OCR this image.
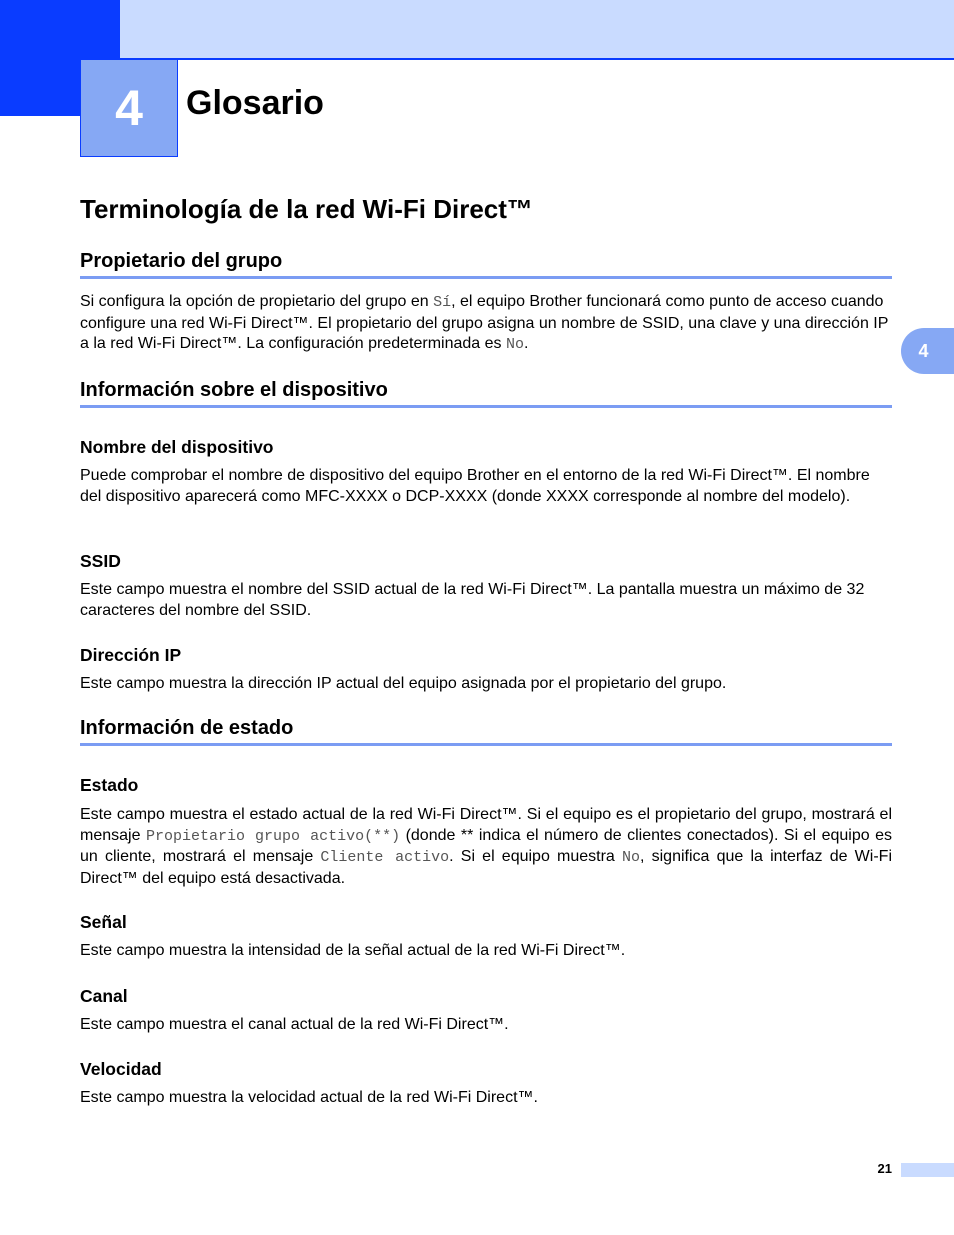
4 Glosario
4
Terminología de la red Wi-Fi Direct™
Propietario del grupo

Si configura la opción de propietario del grupo en Sí, el equipo Brother funcionará como punto de acceso cuando configure una red Wi-Fi Direct™. El propietario del grupo asigna un nombre de SSID, una clave y una dirección IP a la red Wi-Fi Direct™. La configuración predeterminada es No.

Información sobre el dispositivo
Nombre del dispositivo

Puede comprobar el nombre de dispositivo del equipo Brother en el entorno de la red Wi-Fi Direct™. El nombre del dispositivo aparecerá como MFC-XXXX o DCP-XXXX (donde XXXX corresponde al nombre del modelo).

SSID

Este campo muestra el nombre del SSID actual de la red Wi-Fi Direct™. La pantalla muestra un máximo de 32 caracteres del nombre del SSID.

Dirección IP

Este campo muestra la dirección IP actual del equipo asignada por el propietario del grupo.

Información de estado
Estado

Este campo muestra el estado actual de la red Wi-Fi Direct™. Si el equipo es el propietario del grupo, mostrará el mensaje Propietario grupo activo(**) (donde ** indica el número de clientes conectados). Si el equipo es un cliente, mostrará el mensaje Cliente activo. Si el equipo muestra No, significa que la interfaz de Wi-Fi Direct™ del equipo está desactivada.

Señal

Este campo muestra la intensidad de la señal actual de la red Wi-Fi Direct™.

Canal

Este campo muestra el canal actual de la red Wi-Fi Direct™.

Velocidad

Este campo muestra la velocidad actual de la red Wi-Fi Direct™.

21
